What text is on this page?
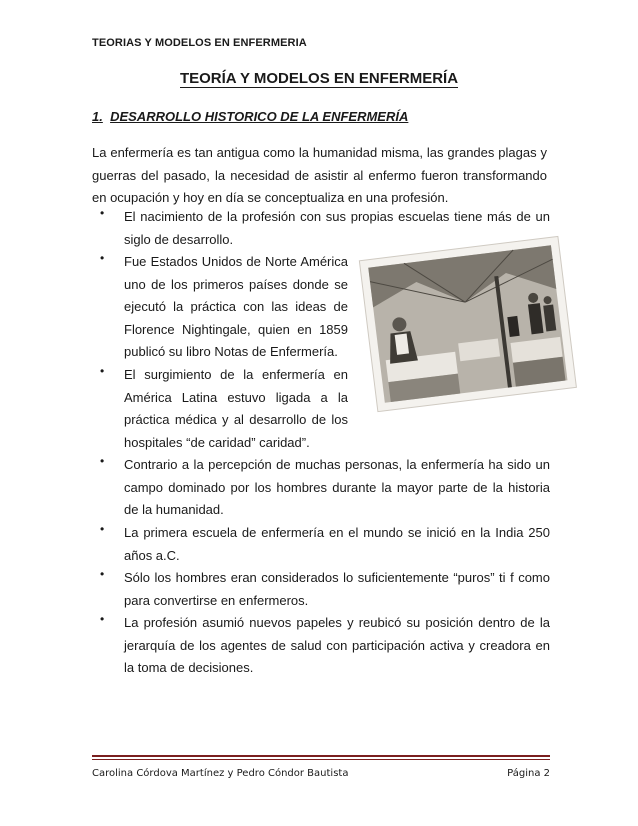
TEORIAS Y MODELOS EN ENFERMERIA
TEORÍA Y MODELOS EN ENFERMERÍA
1. DESARROLLO HISTORICO DE LA ENFERMERÍA
La enfermería es tan antigua como la humanidad misma, las grandes plagas y guerras del pasado, la necesidad de asistir al enfermo fueron transformando en ocupación y hoy en día se conceptualiza en una profesión.
• El nacimiento de la profesión con sus propias escuelas tiene más de un siglo de desarrollo.
• Fue Estados Unidos de Norte América uno de los primeros países donde se ejecutó la práctica con las ideas de Florence Nightingale, quien en 1859 publicó su libro Notas de Enfermería.
• El surgimiento de la enfermería en América Latina estuvo ligada a la práctica médica y al desarrollo de los hospitales “de caridad” caridad”.
• Contrario a la percepción de muchas personas, la enfermería ha sido un campo dominado por los hombres durante la mayor parte de la historia de la humanidad.
• La primera escuela de enfermería en el mundo se inició en la India 250 años a.C.
• Sólo los hombres eran considerados lo suficientemente “puros” ti f como para convertirse en enfermeros.
• La profesión asumió nuevos papeles y reubicó su posición dentro de la jerarquía de los agentes de salud con participación activa y creadora en la toma de decisiones.
Carolina Córdova Martínez y Pedro Cóndor Bautista	Página 2
